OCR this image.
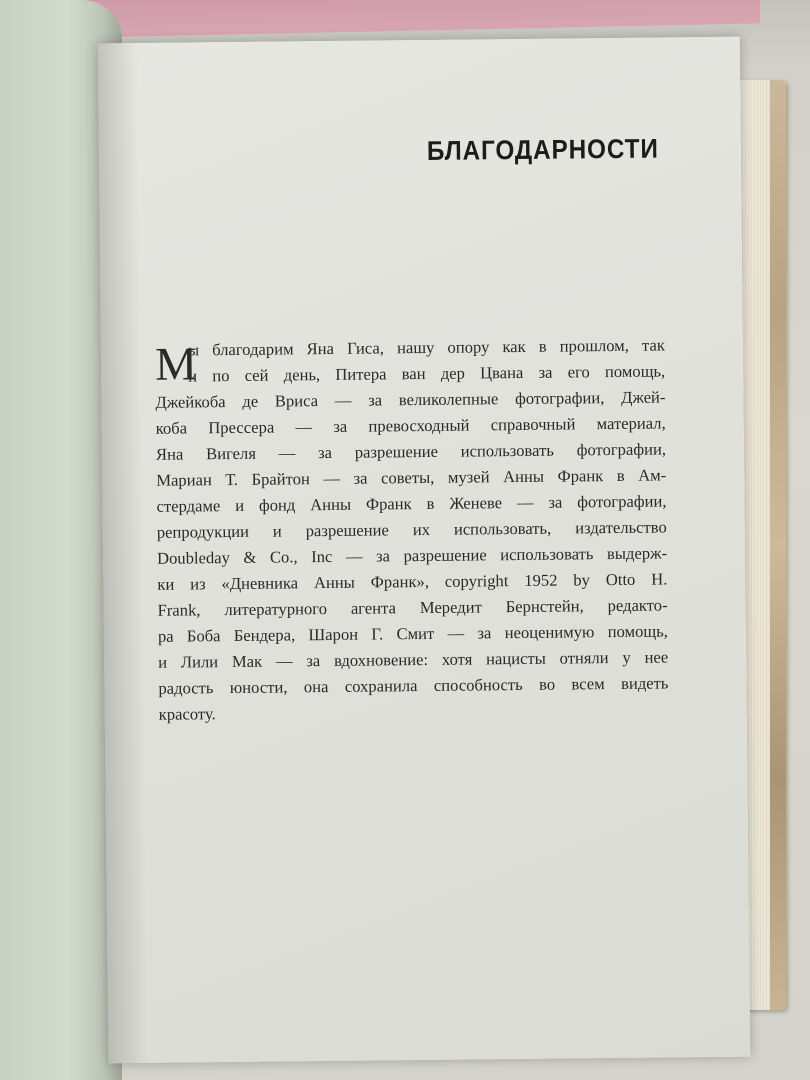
БЛАГОДАРНОСТИ
М
ы благодарим Яна Гиса, нашу опору как в прошлом, так
и по сей день, Питера ван дер Цвана за его помощь,
Джейкоба де Вриса — за великолепные фотографии, Джей-
коба Прессера — за превосходный справочный материал,
Яна Вигеля — за разрешение использовать фотографии,
Мариан Т. Брайтон — за советы, музей Анны Франк в Ам-
стердаме и фонд Анны Франк в Женеве — за фотографии,
репродукции и разрешение их использовать, издательство
Doubleday & Co., Inc — за разрешение использовать выдерж-
ки из «Дневника Анны Франк», copyright 1952 by Otto H.
Frank, литературного агента Мередит Бернстейн, редакто-
ра Боба Бендера, Шарон Г. Смит — за неоценимую помощь,
и Лили Мак — за вдохновение: хотя нацисты отняли у нее
радость юности, она сохранила способность во всем видеть
красоту.
